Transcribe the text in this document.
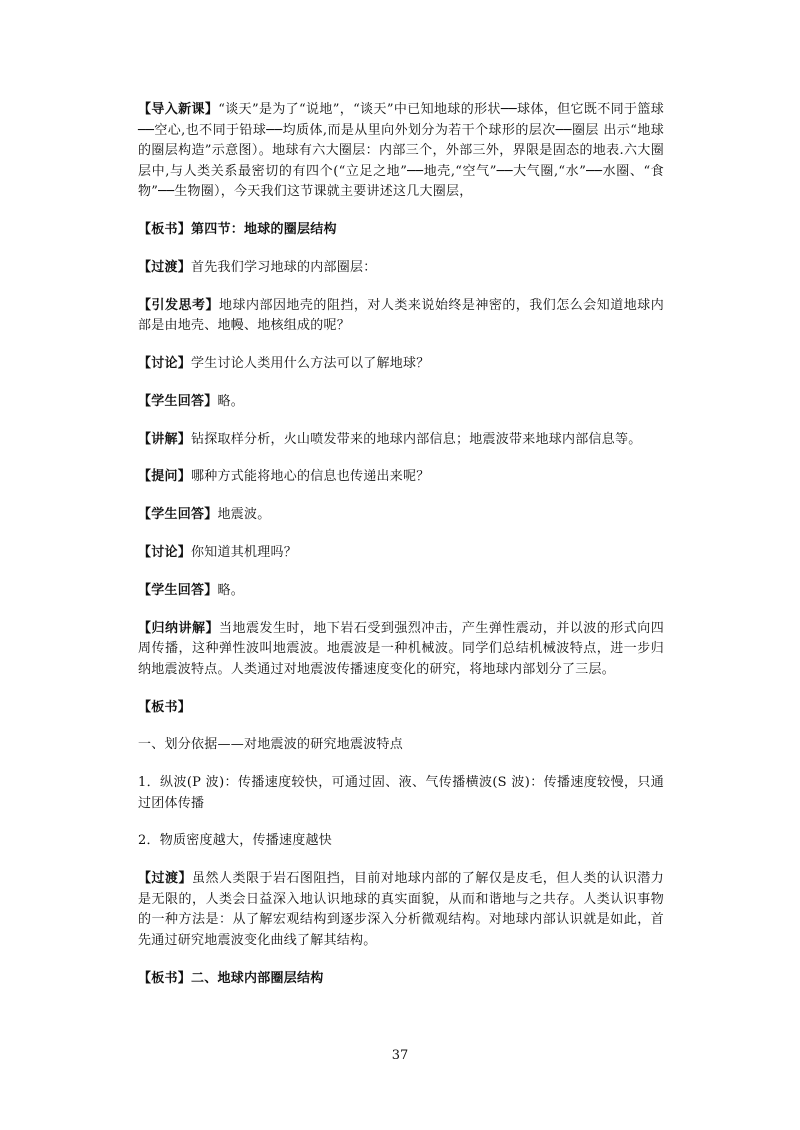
【导入新课】“谈天”是为了“说地”，“谈天”中已知地球的形状──球体，但它既不同于篮球──空心,也不同于铅球──均质体,而是从里向外划分为若干个球形的层次──圈层 出示“地球的圈层构造”示意图）。地球有六大圈层：内部三个，外部三外，界限是固态的地表.六大圈层中,与人类关系最密切的有四个(“立足之地”──地壳,“空气”──大气圈,“水”──水圈、“食物”──生物圈），今天我们这节课就主要讲述这几大圈层，

【板书】第四节：地球的圈层结构

【过渡】首先我们学习地球的内部圈层：

【引发思考】地球内部因地壳的阻挡，对人类来说始终是神密的，我们怎么会知道地球内部是由地壳、地幔、地核组成的呢？

【讨论】学生讨论人类用什么方法可以了解地球？

【学生回答】略。

【讲解】钻探取样分析，火山喷发带来的地球内部信息；地震波带来地球内部信息等。

【提问】哪种方式能将地心的信息也传递出来呢？

【学生回答】地震波。

【讨论】你知道其机理吗？

【学生回答】略。

【归纳讲解】当地震发生时，地下岩石受到强烈冲击，产生弹性震动，并以波的形式向四周传播，这种弹性波叫地震波。地震波是一种机械波。同学们总结机械波特点，进一步归纳地震波特点。人类通过对地震波传播速度变化的研究，将地球内部划分了三层。

【板书】

一、划分依据——对地震波的研究地震波特点

1．纵波(P 波)：传播速度较快，可通过固、液、气传播横波(S 波)：传播速度较慢，只通过团体传播

2．物质密度越大，传播速度越快

【过渡】虽然人类限于岩石图阻挡，目前对地球内部的了解仅是皮毛，但人类的认识潜力是无限的，人类会日益深入地认识地球的真实面貌，从而和谐地与之共存。人类认识事物的一种方法是：从了解宏观结构到逐步深入分析微观结构。对地球内部认识就是如此，首先通过研究地震波变化曲线了解其结构。

【板书】二、地球内部圈层结构

37
